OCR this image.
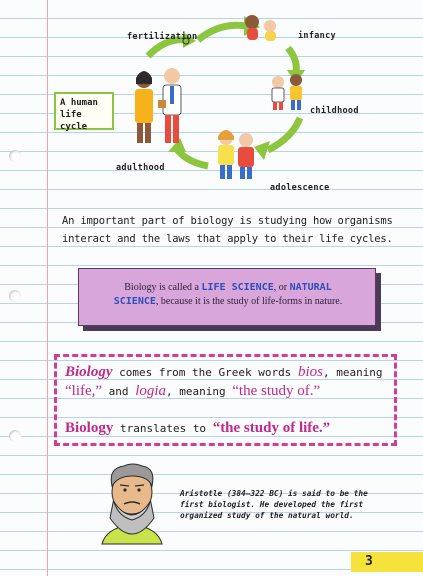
fertilization	infancy
childhood
adolescence
adulthood
A human life cycle

An important part of biology is studying how organisms interact and the laws that apply to their life cycles.

Biology is called a LIFE SCIENCE, or NATURAL
SCIENCE, because it is the study of life-forms in nature.
Biology comes from the Greek words bios, meaning
“life,” and logia, meaning “the study of.”
Biology translates to “the study of life.”

Aristotle (384–322 BC) is said to be the first biologist. He developed the first organized study of the natural world.

3
